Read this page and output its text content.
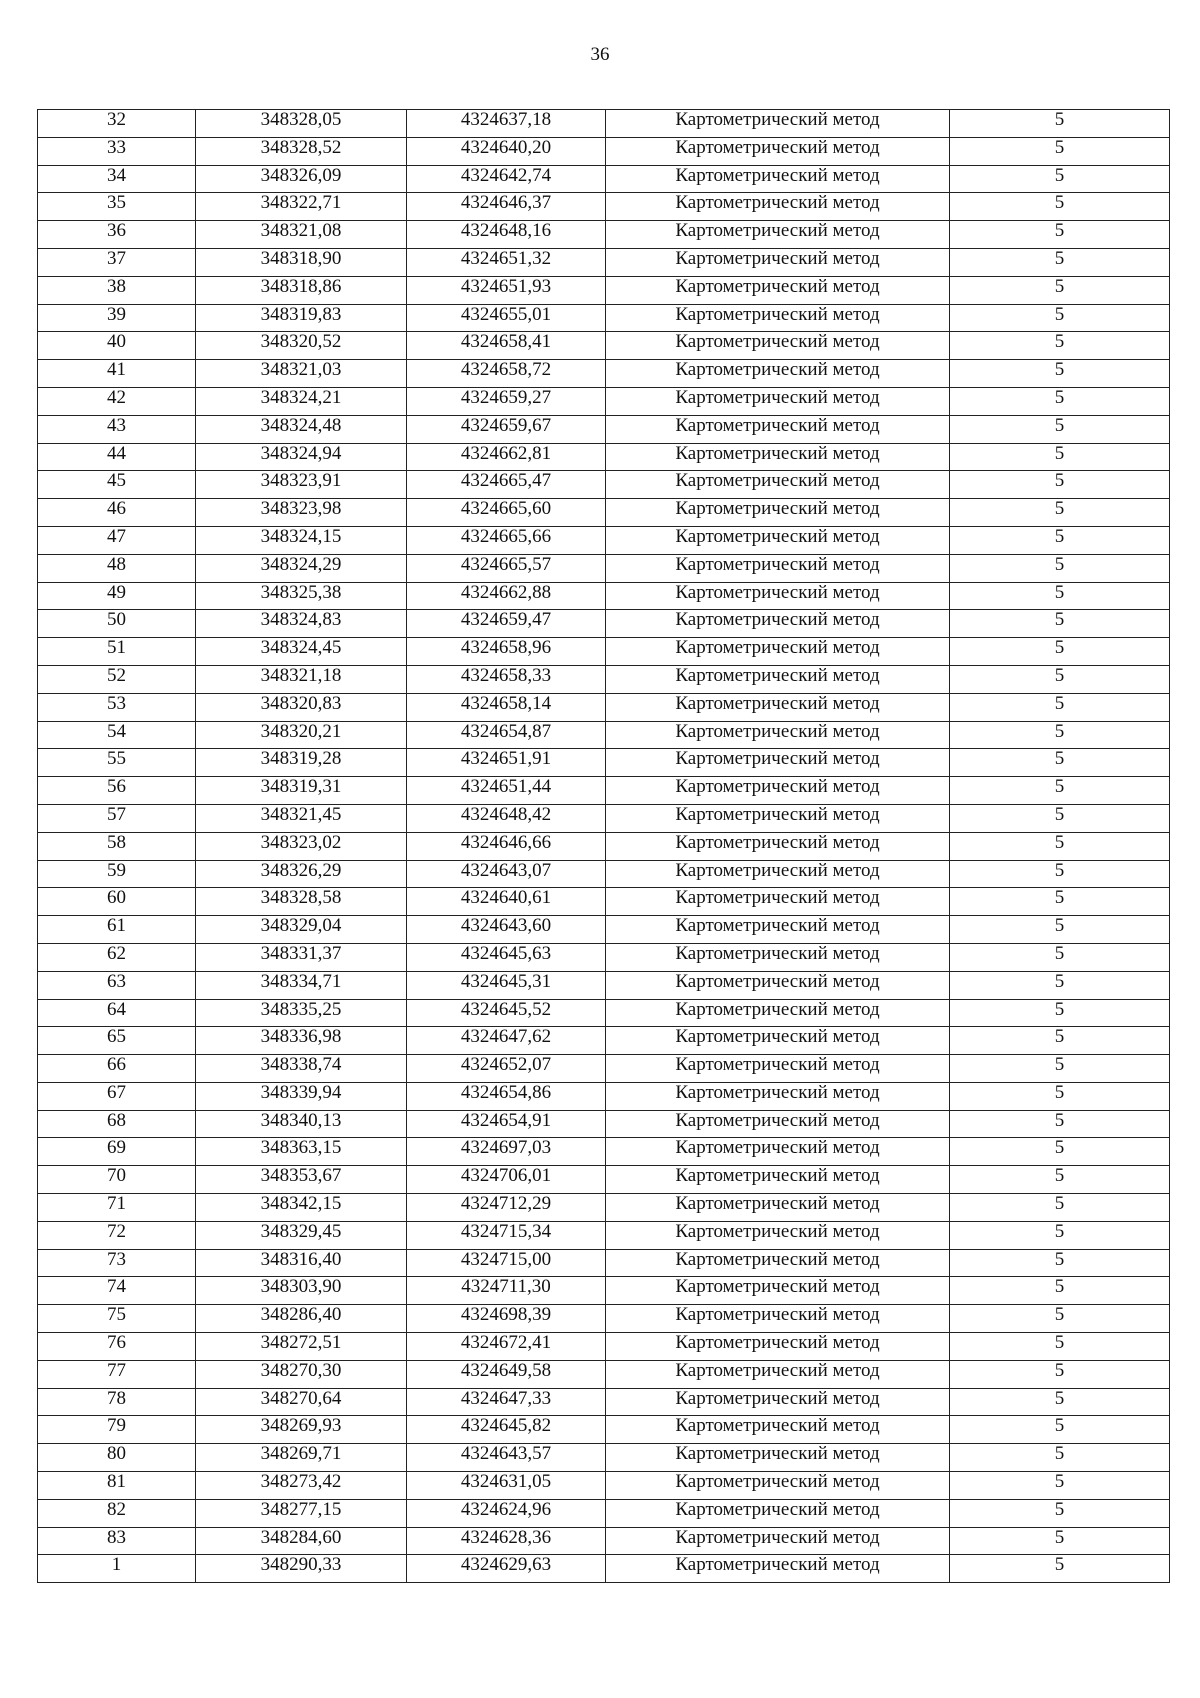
36
32	348328,05	4324637,18	Картометрический метод	5
33	348328,52	4324640,20	Картометрический метод	5
34	348326,09	4324642,74	Картометрический метод	5
35	348322,71	4324646,37	Картометрический метод	5
36	348321,08	4324648,16	Картометрический метод	5
37	348318,90	4324651,32	Картометрический метод	5
38	348318,86	4324651,93	Картометрический метод	5
39	348319,83	4324655,01	Картометрический метод	5
40	348320,52	4324658,41	Картометрический метод	5
41	348321,03	4324658,72	Картометрический метод	5
42	348324,21	4324659,27	Картометрический метод	5
43	348324,48	4324659,67	Картометрический метод	5
44	348324,94	4324662,81	Картометрический метод	5
45	348323,91	4324665,47	Картометрический метод	5
46	348323,98	4324665,60	Картометрический метод	5
47	348324,15	4324665,66	Картометрический метод	5
48	348324,29	4324665,57	Картометрический метод	5
49	348325,38	4324662,88	Картометрический метод	5
50	348324,83	4324659,47	Картометрический метод	5
51	348324,45	4324658,96	Картометрический метод	5
52	348321,18	4324658,33	Картометрический метод	5
53	348320,83	4324658,14	Картометрический метод	5
54	348320,21	4324654,87	Картометрический метод	5
55	348319,28	4324651,91	Картометрический метод	5
56	348319,31	4324651,44	Картометрический метод	5
57	348321,45	4324648,42	Картометрический метод	5
58	348323,02	4324646,66	Картометрический метод	5
59	348326,29	4324643,07	Картометрический метод	5
60	348328,58	4324640,61	Картометрический метод	5
61	348329,04	4324643,60	Картометрический метод	5
62	348331,37	4324645,63	Картометрический метод	5
63	348334,71	4324645,31	Картометрический метод	5
64	348335,25	4324645,52	Картометрический метод	5
65	348336,98	4324647,62	Картометрический метод	5
66	348338,74	4324652,07	Картометрический метод	5
67	348339,94	4324654,86	Картометрический метод	5
68	348340,13	4324654,91	Картометрический метод	5
69	348363,15	4324697,03	Картометрический метод	5
70	348353,67	4324706,01	Картометрический метод	5
71	348342,15	4324712,29	Картометрический метод	5
72	348329,45	4324715,34	Картометрический метод	5
73	348316,40	4324715,00	Картометрический метод	5
74	348303,90	4324711,30	Картометрический метод	5
75	348286,40	4324698,39	Картометрический метод	5
76	348272,51	4324672,41	Картометрический метод	5
77	348270,30	4324649,58	Картометрический метод	5
78	348270,64	4324647,33	Картометрический метод	5
79	348269,93	4324645,82	Картометрический метод	5
80	348269,71	4324643,57	Картометрический метод	5
81	348273,42	4324631,05	Картометрический метод	5
82	348277,15	4324624,96	Картометрический метод	5
83	348284,60	4324628,36	Картометрический метод	5
1	348290,33	4324629,63	Картометрический метод	5
